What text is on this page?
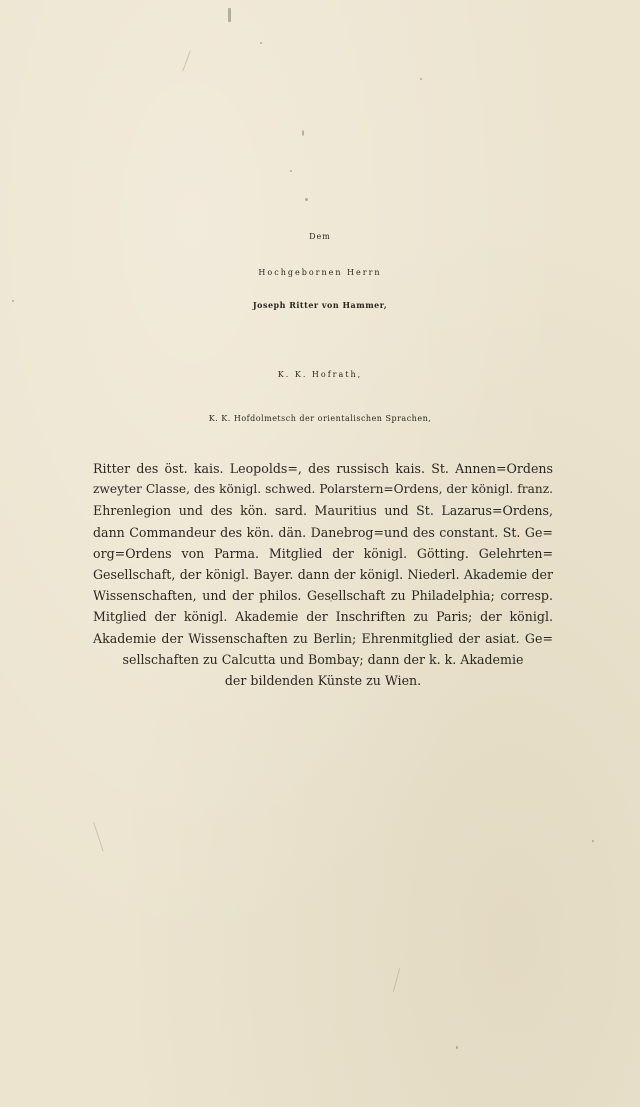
Dem
Hochgebornen Herrn
Joseph Ritter von Hammer,
K. K. Hofrath,
K. K. Hofdolmetsch der orientalischen Sprachen,
Ritter des öst. kais. Leopolds=, des russisch kais. St. Annen=Ordens
zweyter Classe, des königl. schwed. Polarstern=Ordens, der königl. franz.
Ehrenlegion und des kön. sard. Mauritius und St. Lazarus=Ordens,
dann Commandeur des kön. dän. Danebrog=und des constant. St. Ge=
org=Ordens von Parma. Mitglied der königl. Götting. Gelehrten=
Gesellschaft, der königl. Bayer. dann der königl. Niederl. Akademie der
Wissenschaften, und der philos. Gesellschaft zu Philadelphia; corresp.
Mitglied der königl. Akademie der Inschriften zu Paris; der königl.
Akademie der Wissenschaften zu Berlin; Ehrenmitglied der asiat. Ge=
sellschaften zu Calcutta und Bombay; dann der k. k. Akademie
der bildenden Künste zu Wien.
